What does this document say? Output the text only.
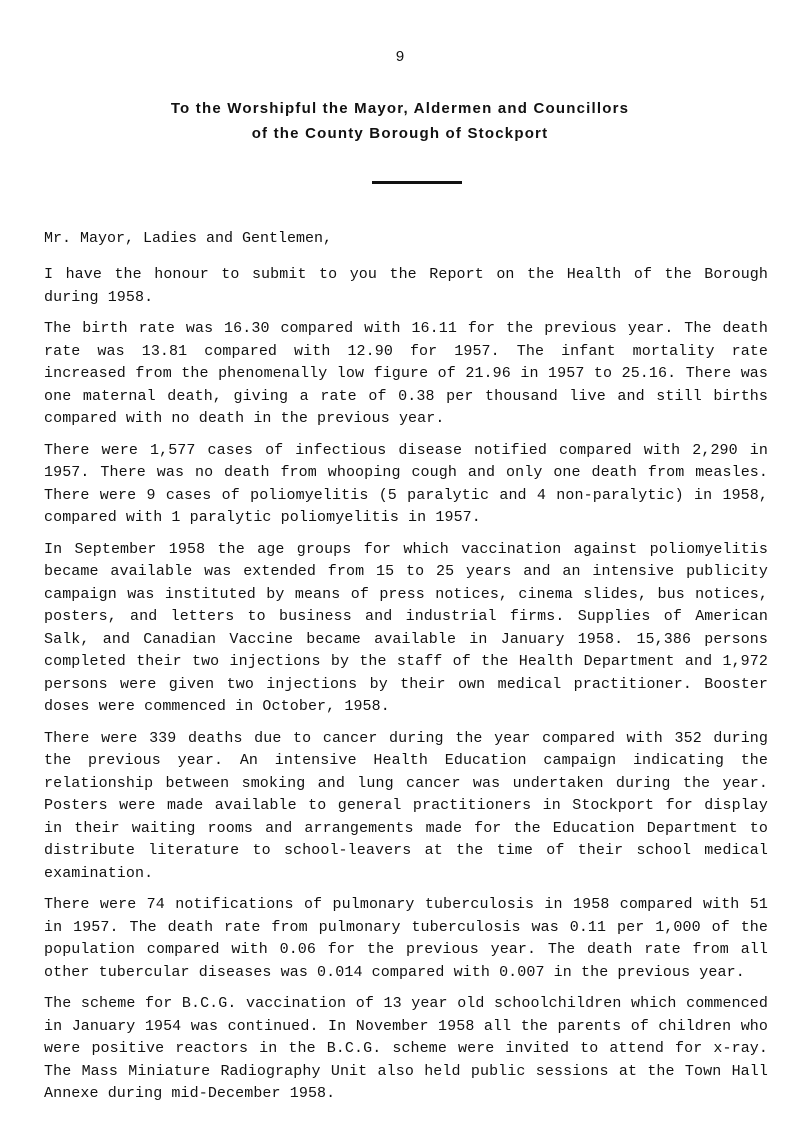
9
To the Worshipful the Mayor, Aldermen and Councillors
of the County Borough of Stockport
Mr. Mayor, Ladies and Gentlemen,

I have the honour to submit to you the Report on the Health of the Borough during 1958.

The birth rate was 16.30 compared with 16.11 for the previous year. The death rate was 13.81 compared with 12.90 for 1957. The infant mortality rate increased from the phenomenally low figure of 21.96 in 1957 to 25.16. There was one maternal death, giving a rate of 0.38 per thousand live and still births compared with no death in the previous year.

There were 1,577 cases of infectious disease notified compared with 2,290 in 1957. There was no death from whooping cough and only one death from measles. There were 9 cases of poliomyelitis (5 paralytic and 4 non-paralytic) in 1958, compared with 1 paralytic poliomyelitis in 1957.

In September 1958 the age groups for which vaccination against poliomyelitis became available was extended from 15 to 25 years and an intensive publicity campaign was instituted by means of press notices, cinema slides, bus notices, posters, and letters to business and industrial firms. Supplies of American Salk, and Canadian Vaccine became available in January 1958. 15,386 persons completed their two injections by the staff of the Health Department and 1,972 persons were given two injections by their own medical practitioner. Booster doses were commenced in October, 1958.

There were 339 deaths due to cancer during the year compared with 352 during the previous year. An intensive Health Education campaign indicating the relationship between smoking and lung cancer was undertaken during the year. Posters were made available to general practitioners in Stockport for display in their waiting rooms and arrangements made for the Education Department to distribute literature to school-leavers at the time of their school medical examination.

There were 74 notifications of pulmonary tuberculosis in 1958 compared with 51 in 1957. The death rate from pulmonary tuberculosis was 0.11 per 1,000 of the population compared with 0.06 for the previous year. The death rate from all other tubercular diseases was 0.014 compared with 0.007 in the previous year.

The scheme for B.C.G. vaccination of 13 year old schoolchildren which commenced in January 1954 was continued. In November 1958 all the parents of children who were positive reactors in the B.C.G. scheme were invited to attend for x-ray. The Mass Miniature Radiography Unit also held public sessions at the Town Hall Annexe during mid-December 1958.
